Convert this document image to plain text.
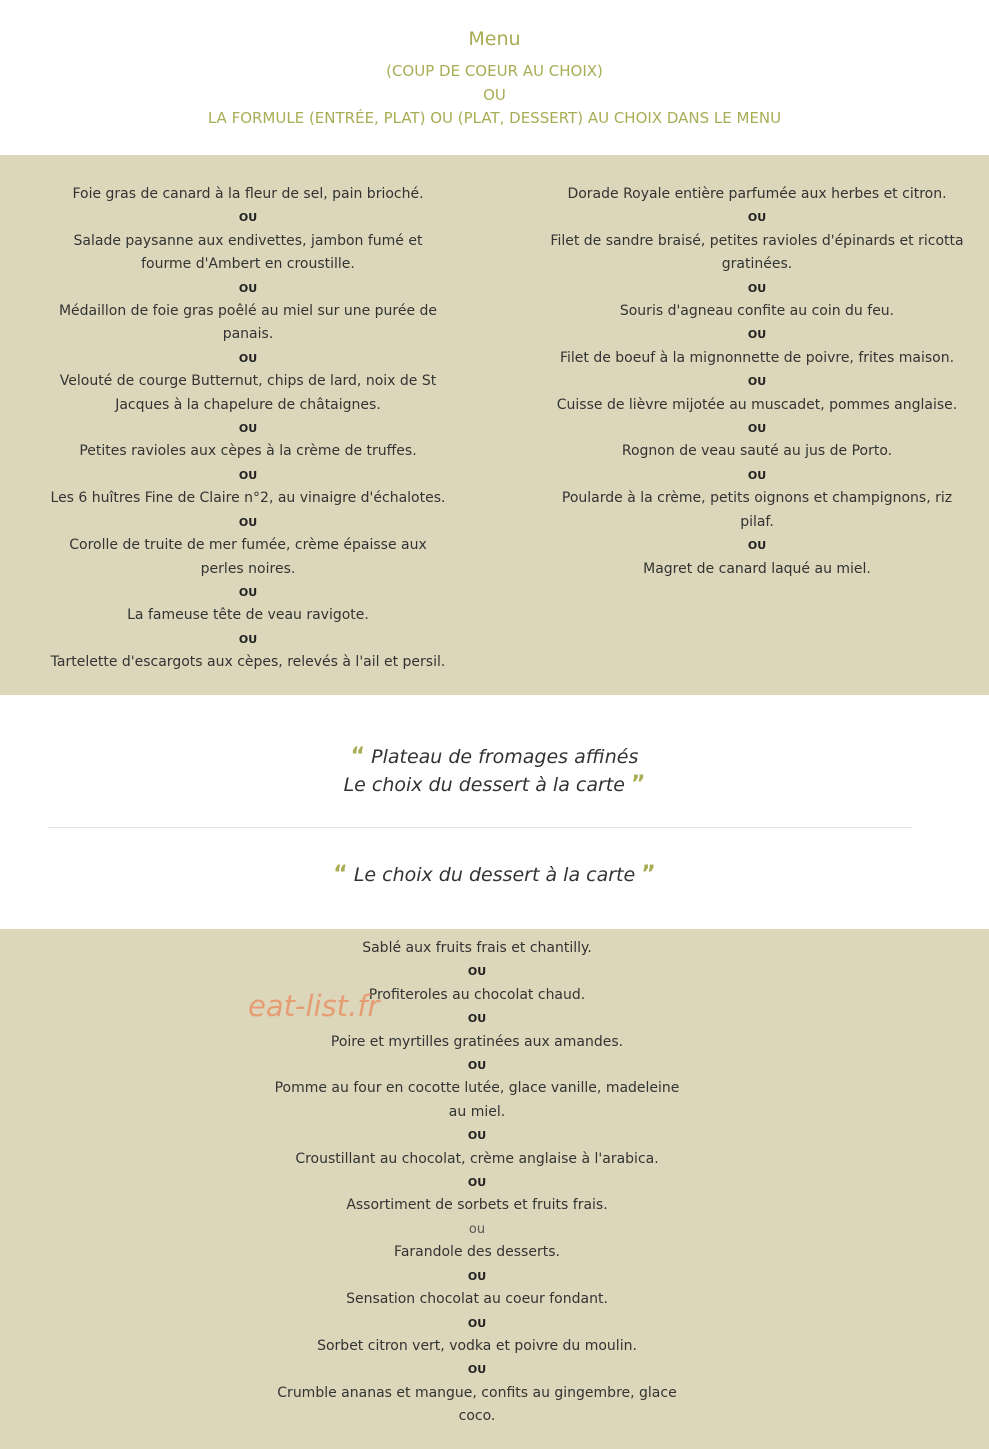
Menu
(COUP DE COEUR AU CHOIX)
OU
LA FORMULE (ENTRÉE, PLAT) OU (PLAT, DESSERT) AU CHOIX DANS LE MENU
Foie gras de canard à la fleur de sel, pain brioché.
OU
Salade paysanne aux endivettes, jambon fumé et fourme d'Ambert en croustille.
OU
Médaillon de foie gras poêlé au miel sur une purée de panais.
OU
Velouté de courge Butternut, chips de lard, noix de St Jacques à la chapelure de châtaignes.
OU
Petites ravioles aux cèpes à la crème de truffes.
OU
Les 6 huîtres Fine de Claire n°2, au vinaigre d'échalotes.
OU
Corolle de truite de mer fumée, crème épaisse aux perles noires.
OU
La fameuse tête de veau ravigote.
OU
Tartelette d'escargots aux cèpes, relevés à l'ail et persil.
Dorade Royale entière parfumée aux herbes et citron.
OU
Filet de sandre braisé, petites ravioles d'épinards et ricotta gratinées.
OU
Souris d'agneau confite au coin du feu.
OU
Filet de boeuf à la mignonnette de poivre, frites maison.
OU
Cuisse de lièvre mijotée au muscadet, pommes anglaise.
OU
Rognon de veau sauté au jus de Porto.
OU
Poularde à la crème, petits oignons et champignons, riz pilaf.
OU
Magret de canard laqué au miel.
“ Plateau de fromages affinés
Le choix du dessert à la carte ”
“ Le choix du dessert à la carte ”
Sablé aux fruits frais et chantilly.
OU
Profiteroles au chocolat chaud.
OU
Poire et myrtilles gratinées aux amandes.
OU
Pomme au four en cocotte lutée, glace vanille, madeleine au miel.
OU
Croustillant au chocolat, crème anglaise à l'arabica.
OU
Assortiment de sorbets et fruits frais.
ou
Farandole des desserts.
OU
Sensation chocolat au coeur fondant.
OU
Sorbet citron vert, vodka et poivre du moulin.
OU
Crumble ananas et mangue, confits au gingembre, glace coco.
eat-list.fr
